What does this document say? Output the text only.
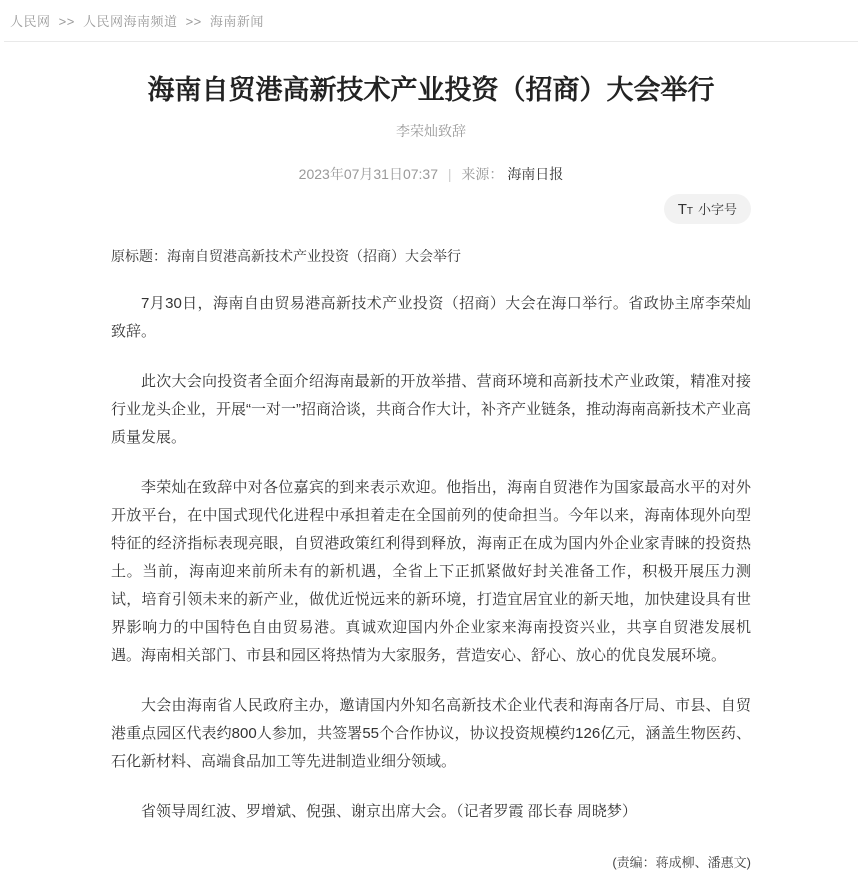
人民网 >> 人民网海南频道 >> 海南新闻
海南自贸港高新技术产业投资（招商）大会举行
李荣灿致辞
2023年07月31日07:37 | 来源： 海南日报
T T 小字号
原标题：海南自贸港高新技术产业投资（招商）大会举行

7月30日，海南自由贸易港高新技术产业投资（招商）大会在海口举行。省政协主席李荣灿致辞。

此次大会向投资者全面介绍海南最新的开放举措、营商环境和高新技术产业政策，精准对接行业龙头企业，开展“一对一”招商洽谈，共商合作大计，补齐产业链条，推动海南高新技术产业高质量发展。

李荣灿在致辞中对各位嘉宾的到来表示欢迎。他指出，海南自贸港作为国家最高水平的对外开放平台，在中国式现代化进程中承担着走在全国前列的使命担当。今年以来，海南体现外向型特征的经济指标表现亮眼，自贸港政策红利得到释放，海南正在成为国内外企业家青睐的投资热土。当前，海南迎来前所未有的新机遇，全省上下正抓紧做好封关准备工作，积极开展压力测试，培育引领未来的新产业，做优近悦远来的新环境，打造宜居宜业的新天地，加快建设具有世界影响力的中国特色自由贸易港。真诚欢迎国内外企业家来海南投资兴业，共享自贸港发展机遇。海南相关部门、市县和园区将热情为大家服务，营造安心、舒心、放心的优良发展环境。

大会由海南省人民政府主办，邀请国内外知名高新技术企业代表和海南各厅局、市县、自贸港重点园区代表约800人参加，共签署55个合作协议，协议投资规模约126亿元，涵盖生物医药、石化新材料、高端食品加工等先进制造业细分领域。

省领导周红波、罗增斌、倪强、谢京出席大会。（记者罗霞 邵长春 周晓梦）

(责编：蒋成柳、潘惠文)
